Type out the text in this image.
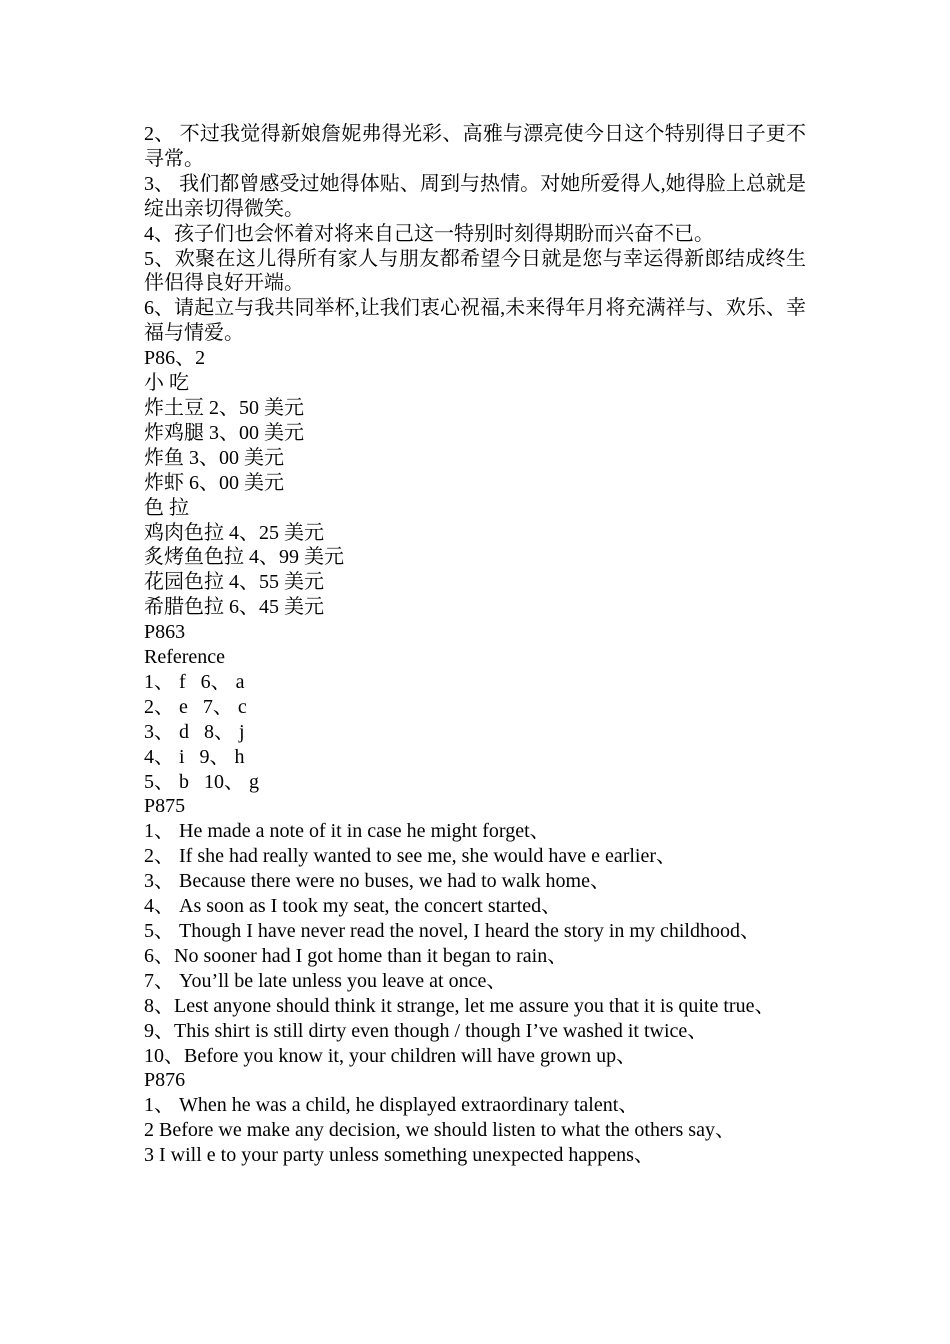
2、 不过我觉得新娘詹妮弗得光彩、高雅与漂亮使今日这个特别得日子更不寻常。
3、 我们都曾感受过她得体贴、周到与热情。对她所爱得人,她得脸上总就是绽出亲切得微笑。
4、孩子们也会怀着对将来自己这一特别时刻得期盼而兴奋不已。
5、欢聚在这儿得所有家人与朋友都希望今日就是您与幸运得新郎结成终生伴侣得良好开端。
6、请起立与我共同举杯,让我们衷心祝福,未来得年月将充满祥与、欢乐、幸福与情爱。
P86、2
小 吃
炸土豆 2、50 美元
炸鸡腿 3、00 美元
炸鱼 3、00 美元
炸虾 6、00 美元
色 拉
鸡肉色拉 4、25 美元
炙烤鱼色拉 4、99 美元
花园色拉 4、55 美元
希腊色拉 6、45 美元
P863
Reference
1、 f   6、 a
2、 e   7、 c
3、 d   8、 j
4、 i   9、 h
5、 b   10、 g
P875
1、 He made a note of it in case he might forget、
2、 If she had really wanted to see me, she would have e earlier、
3、 Because there were no buses, we had to walk home、
4、 As soon as I took my seat, the concert started、
5、 Though I have never read the novel, I heard the story in my childhood、
6、No sooner had I got home than it began to rain、
7、 You’ll be late unless you leave at once、
8、Lest anyone should think it strange, let me assure you that it is quite true、
9、This shirt is still dirty even though / though I’ve washed it twice、
10、Before you know it, your children will have grown up、
P876
1、 When he was a child, he displayed extraordinary talent、
2 Before we make any decision, we should listen to what the others say、
3 I will e to your party unless something unexpected happens、
